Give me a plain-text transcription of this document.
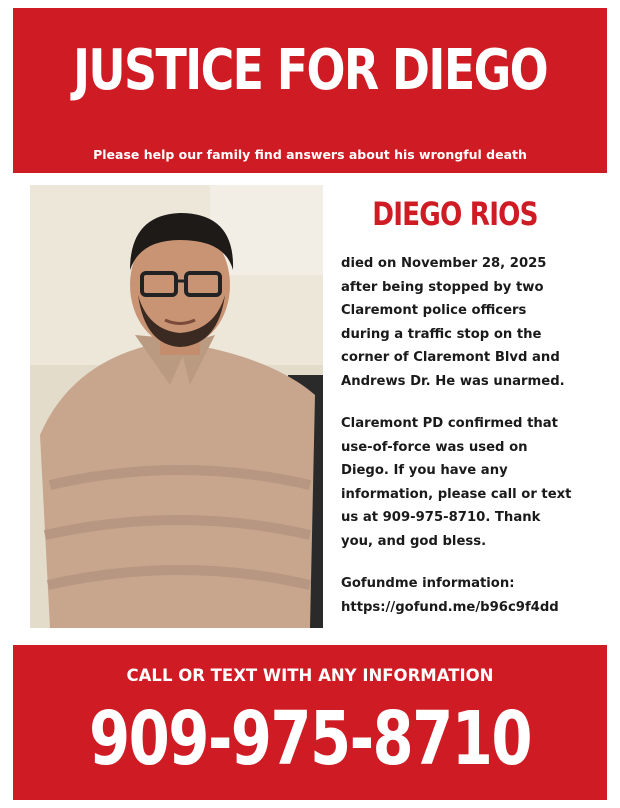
JUSTICE FOR DIEGO
Please help our family find answers about his wrongful death
DIEGO RIOS
died on November 28, 2025
after being stopped by two
Claremont police officers
during a traffic stop on the
corner of Claremont Blvd and
Andrews Dr. He was unarmed.
Claremont PD confirmed that
use-of-force was used on
Diego. If you have any
information, please call or text
us at 909-975-8710. Thank
you, and god bless.
Gofundme information:
https://gofund.me/b96c9f4dd
CALL OR TEXT WITH ANY INFORMATION
909-975-8710
